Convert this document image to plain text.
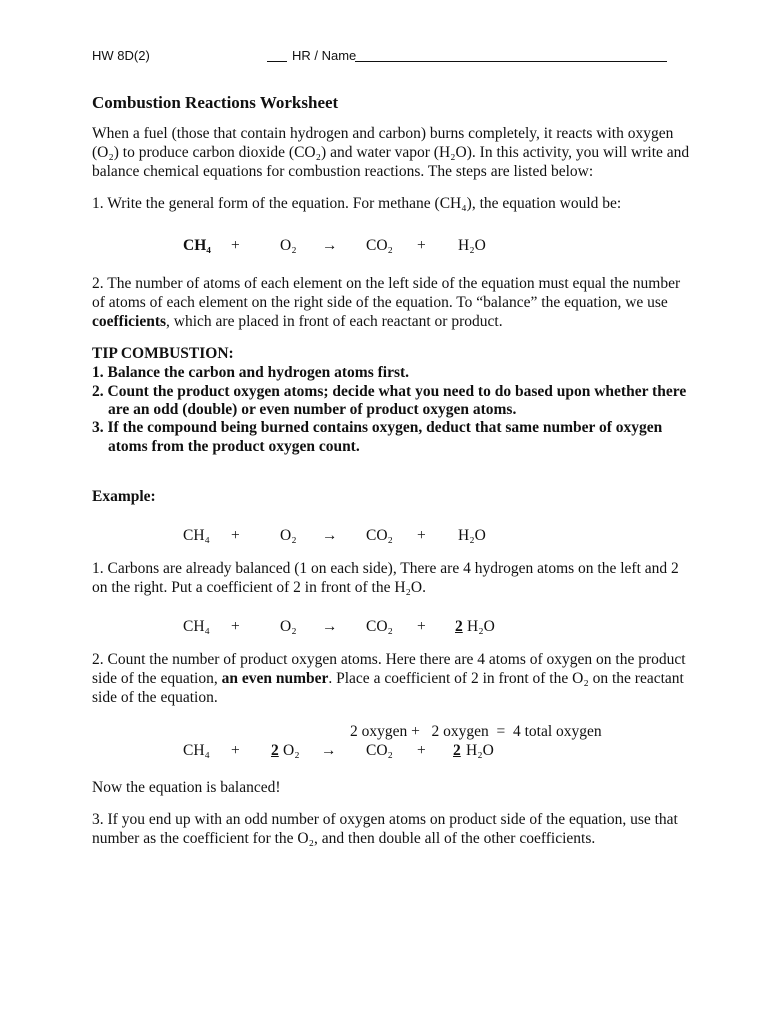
HW 8D(2)	HR / Name
Combustion Reactions Worksheet
When a fuel (those that contain hydrogen and carbon) burns completely, it reacts with oxygen
(O₂) to produce carbon dioxide (CO₂) and water vapor (H₂O). In this activity, you will write and
balance chemical equations for combustion reactions. The steps are listed below:
1. Write the general form of the equation. For methane (CH₄), the equation would be:
CH₄ +	O₂ → CO₂ + H₂O
2. The number of atoms of each element on the left side of the equation must equal the number
of atoms of each element on the right side of the equation. To “balance” the equation, we use
coefficients, which are placed in front of each reactant or product.
TIP COMBUSTION:
1. Balance the carbon and hydrogen atoms first.
2. Count the product oxygen atoms; decide what you need to do based upon whether there
are an odd (double) or even number of product oxygen atoms.
3. If the compound being burned contains oxygen, deduct that same number of oxygen
atoms from the product oxygen count.
Example:
CH₄ +	O₂ → CO₂ + H₂O
1. Carbons are already balanced (1 on each side), There are 4 hydrogen atoms on the left and 2
on the right. Put a coefficient of 2 in front of the H₂O.
CH₄ +	O₂ → CO₂ + 2 H₂O
2. Count the number of product oxygen atoms. Here there are 4 atoms of oxygen on the product
side of the equation, an even number. Place a coefficient of 2 in front of the O₂ on the reactant
side of the equation.
2 oxygen +   2 oxygen  =  4 total oxygen
CH₄ + 2 O₂ → CO₂ + 2 H₂O
Now the equation is balanced!
3. If you end up with an odd number of oxygen atoms on product side of the equation, use that
number as the coefficient for the O₂, and then double all of the other coefficients.
